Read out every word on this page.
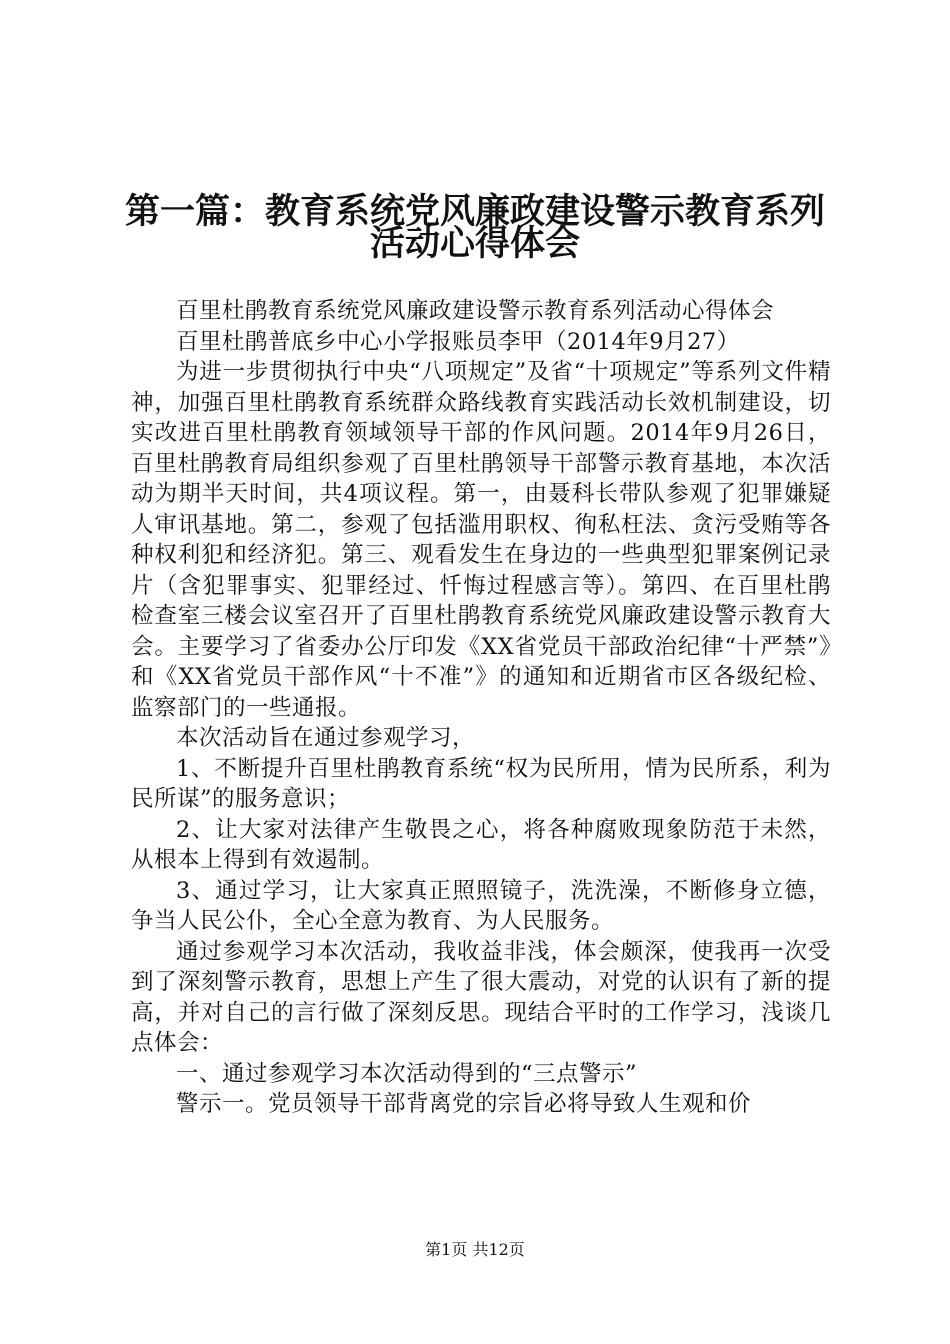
第一篇：教育系统党风廉政建设警示教育系列
活动心得体会

百里杜鹃教育系统党风廉政建设警示教育系列活动心得体会

百里杜鹃普底乡中心小学报账员李甲（2014年9月27）

为进一步贯彻执行中央“八项规定”及省“十项规定”等系列文件精神，加强百里杜鹃教育系统群众路线教育实践活动长效机制建设，切实改进百里杜鹃教育领域领导干部的作风问题。2014年9月26日，百里杜鹃教育局组织参观了百里杜鹃领导干部警示教育基地，本次活动为期半天时间，共4项议程。第一，由聂科长带队参观了犯罪嫌疑人审讯基地。第二，参观了包括滥用职权、徇私枉法、贪污受贿等各种权利犯和经济犯。第三、观看发生在身边的一些典型犯罪案例记录片（含犯罪事实、犯罪经过、忏悔过程感言等）。第四、在百里杜鹃检查室三楼会议室召开了百里杜鹃教育系统党风廉政建设警示教育大会。主要学习了省委办公厅印发《XX省党员干部政治纪律“十严禁”》和《XX省党员干部作风“十不准”》的通知和近期省市区各级纪检、监察部门的一些通报。

本次活动旨在通过参观学习，

1、不断提升百里杜鹃教育系统“权为民所用，情为民所系，利为民所谋”的服务意识；

2、让大家对法律产生敬畏之心，将各种腐败现象防范于未然，从根本上得到有效遏制。

3、通过学习，让大家真正照照镜子，洗洗澡，不断修身立德，争当人民公仆，全心全意为教育、为人民服务。

通过参观学习本次活动，我收益非浅，体会颇深，使我再一次受到了深刻警示教育，思想上产生了很大震动，对党的认识有了新的提高，并对自己的言行做了深刻反思。现结合平时的工作学习，浅谈几点体会：

一、通过参观学习本次活动得到的“三点警示”

警示一。党员领导干部背离党的宗旨必将导致人生观和价

第1页 共12页
